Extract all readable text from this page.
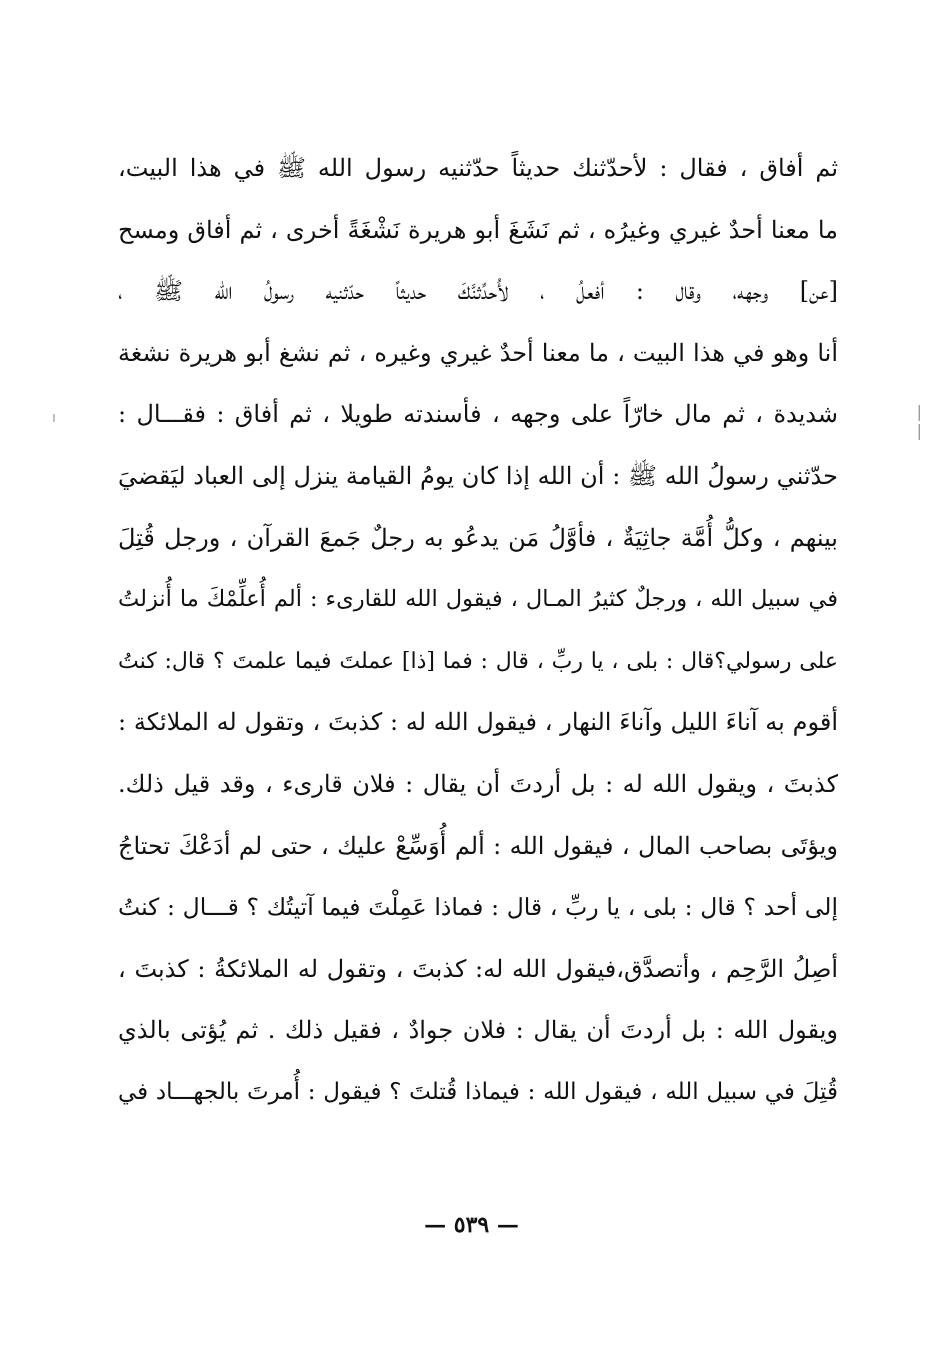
ثم أفاق ، فقال : لأحدّثنك حديثاً حدّثنيه رسول الله ﷺ في هذا البيت،
ما معنا أحدٌ غيري وغيرُه ، ثم نَشَغَ أبو هريرة نَشْغَةً أخرى ، ثم أفاق ومسح
[عن] وجهه، وقال : أفعلُ ، لأُحدِّثنَّكَ حديثاً حدّثنيه رسولُ الله ﷺ ،
أنا وهو في هذا البيت ، ما معنا أحدٌ غيري وغيره ، ثم نشغ أبو هريرة نشغة
شديدة ، ثم مال خارّاً على وجهه ، فأسندته طويلا ، ثم أفاق : فقـــال :
حدّثني رسولُ الله ﷺ : أن الله إذا كان يومُ القيامة ينزل إلى العباد ليَقضيَ
بينهم ، وكلُّ أُمَّة جاثِيَةٌ ، فأوَّلُ مَن يدعُو به رجلٌ جَمعَ القرآن ، ورجل قُتِلَ
في سبيل الله ، ورجلٌ كثيرُ المـال ، فيقول الله للقارىء : ألم أُعلِّمْكَ ما أُنزلتُ
على رسولي؟قال : بلى ، يا ربِّ ، قال : فما [ذا] عملتَ فيما علمتَ ؟ قال: كنتُ
أقوم به آناءَ الليل وآناءَ النهار ، فيقول الله له : كذبتَ ، وتقول له الملائكة :
كذبتَ ، ويقول الله له : بل أردتَ أن يقال : فلان قارىء ، وقد قيل ذلك.
ويؤتَى بصاحب المال ، فيقول الله : ألم أُوَسِّعْ عليك ، حتى لم أدَعْكَ تحتاجُ
إلى أحد ؟ قال : بلى ، يا ربِّ ، قال : فماذا عَمِلْتَ فيما آتيتُك ؟ قـــال : كنتُ
أصِلُ الرَّحِم ، وأتصدَّق،فيقول الله له: كذبتَ ، وتقول له الملائكةُ : كذبتَ ،
ويقول الله : بل أردتَ أن يقال : فلان جوادٌ ، فقيل ذلك . ثم يُؤتى بالذي
قُتِلَ في سبيل الله ، فيقول الله : فيماذا قُتلتَ ؟ فيقول : أُمرتَ بالجهـــاد في
— ٥٣٩ —
| |
ı
